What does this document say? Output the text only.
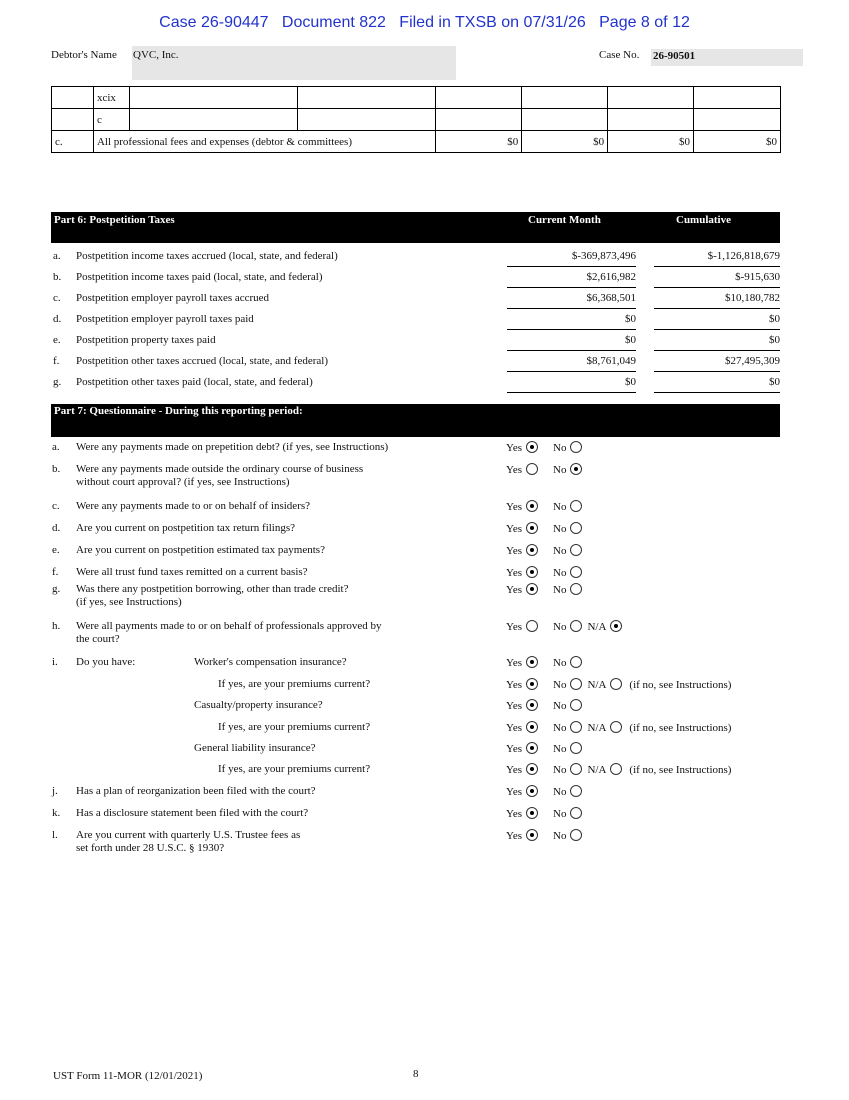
Case 26-90447   Document 822   Filed in TXSB on 07/31/26   Page 8 of 12
Debtor's Name QVC, Inc.	Case No. 26-90501
	xcix						
	c						
c.	All professional fees and expenses (debtor & committees)			$0	$0	$0	$0
Part 6: Postpetition Taxes	Current Month	Cumulative
a. Postpetition income taxes accrued (local, state, and federal)	$-369,873,496	$-1,126,818,679
b. Postpetition income taxes paid (local, state, and federal)	$2,616,982	$-915,630
c. Postpetition employer payroll taxes accrued	$6,368,501	$10,180,782
d. Postpetition employer payroll taxes paid	$0	$0
e. Postpetition property taxes paid	$0	$0
f. Postpetition other taxes accrued (local, state, and federal)	$8,761,049	$27,495,309
g. Postpetition other taxes paid (local, state, and federal)	$0	$0
Part 7: Questionnaire - During this reporting period:
a. Were any payments made on prepetition debt? (if yes, see Instructions)	Yes	No
b. Were any payments made outside the ordinary course of business
without court approval? (if yes, see Instructions)
Yes	No
c. Were any payments made to or on behalf of insiders?	Yes	No
d. Are you current on postpetition tax return filings?	Yes	No
e. Are you current on postpetition estimated tax payments?	Yes	No
f. Were all trust fund taxes remitted on a current basis?	Yes	No
g. Was there any postpetition borrowing, other than trade credit?
(if yes, see Instructions)
Yes	No
h. Were all payments made to or on behalf of professionals approved by
the court?
Yes	No N/A
i. Do you have:	Worker's compensation insurance?	Yes	No
If yes, are your premiums current?	Yes	No N/A (if no, see Instructions)
Casualty/property insurance?	Yes	No
If yes, are your premiums current?	Yes	No N/A (if no, see Instructions)
General liability insurance?	Yes	No
If yes, are your premiums current?	Yes	No N/A (if no, see Instructions)
j. Has a plan of reorganization been filed with the court?	Yes	No
k. Has a disclosure statement been filed with the court?	Yes	No
l. Are you current with quarterly U.S. Trustee fees as
set forth under 28 U.S.C. § 1930?
Yes	No
UST Form 11-MOR (12/01/2021)	8
